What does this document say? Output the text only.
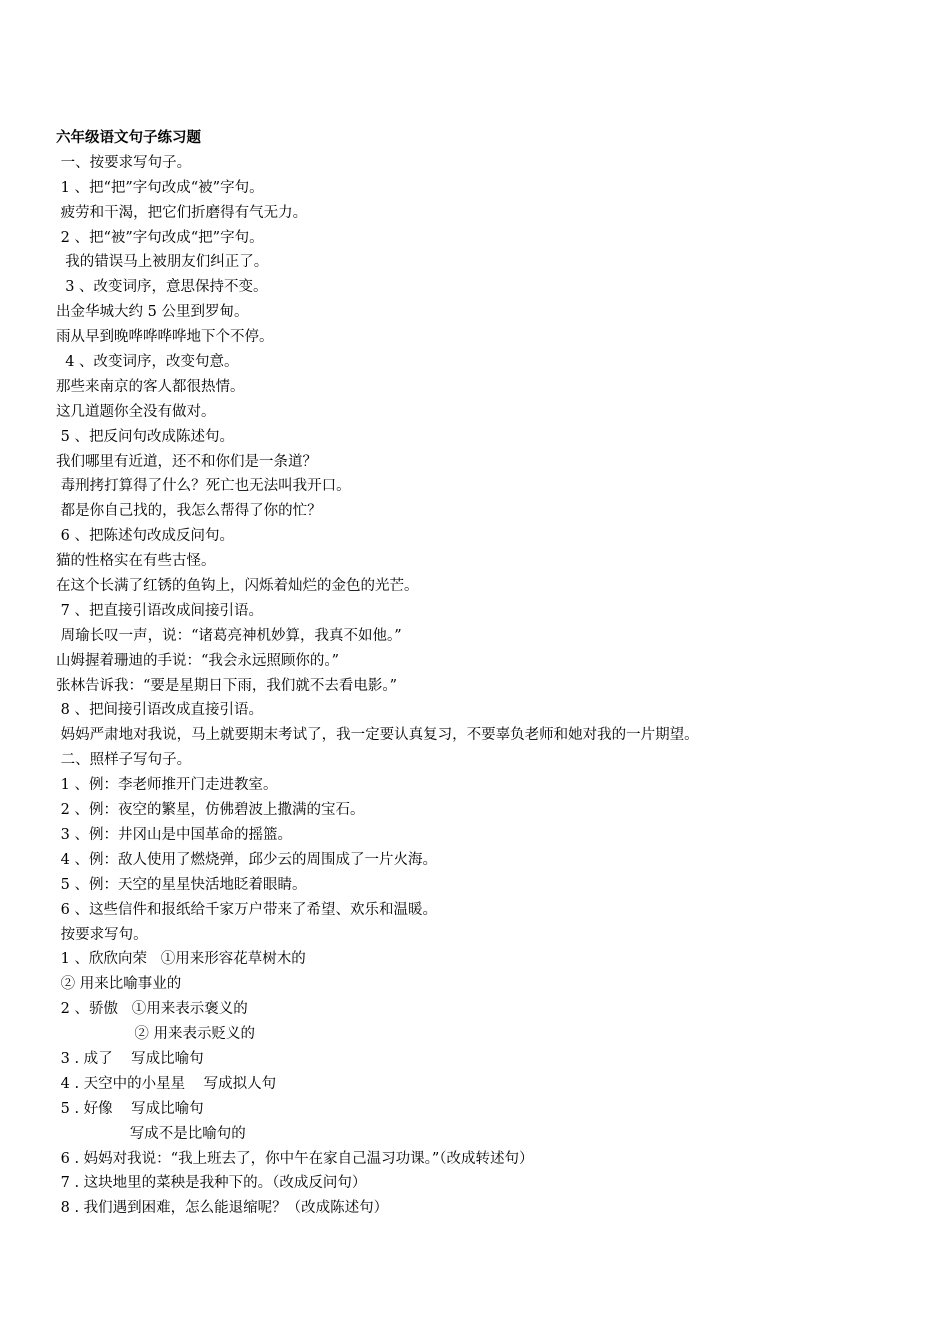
六年级语文句子练习题
一、按要求写句子。
1 、把“把”字句改成“被”字句。
疲劳和干渴，把它们折磨得有气无力。
2 、把“被”字句改成“把”字句。
我的错误马上被朋友们纠正了。
3 、改变词序，意思保持不变。
出金华城大约 5 公里到罗甸。
雨从早到晚哗哗哗哗地下个不停。
4 、改变词序，改变句意。
那些来南京的客人都很热情。
这几道题你全没有做对。
5 、把反问句改成陈述句。
我们哪里有近道，还不和你们是一条道？
毒刑拷打算得了什么？死亡也无法叫我开口。
都是你自己找的，我怎么帮得了你的忙？
6 、把陈述句改成反问句。
猫的性格实在有些古怪。
在这个长满了红锈的鱼钩上，闪烁着灿烂的金色的光芒。
7 、把直接引语改成间接引语。
周瑜长叹一声，说：“诸葛亮神机妙算，我真不如他。”
山姆握着珊迪的手说：“我会永远照顾你的。”
张林告诉我：“要是星期日下雨，我们就不去看电影。”
8 、把间接引语改成直接引语。
妈妈严肃地对我说，马上就要期末考试了，我一定要认真复习，不要辜负老师和她对我的一片期望。
二、照样子写句子。
1 、例：李老师推开门走进教室。
2 、例：夜空的繁星，仿佛碧波上撒满的宝石。
3 、例：井冈山是中国革命的摇篮。
4 、例：敌人使用了燃烧弹，邱少云的周围成了一片火海。
5 、例：天空的星星快活地眨着眼睛。
6 、这些信件和报纸给千家万户带来了希望、欢乐和温暖。
按要求写句。
1 、欣欣向荣   ①用来形容花草树木的
② 用来比喻事业的
2 、骄傲   ①用来表示褒义的
② 用来表示贬义的
3 . 成了    写成比喻句
4 . 天空中的小星星    写成拟人句
5 . 好像    写成比喻句
写成不是比喻句的
6 . 妈妈对我说：“我上班去了，你中午在家自己温习功课。”（改成转述句）
7 . 这块地里的菜秧是我种下的。（改成反问句）
8 . 我们遇到困难，怎么能退缩呢？（改成陈述句）
